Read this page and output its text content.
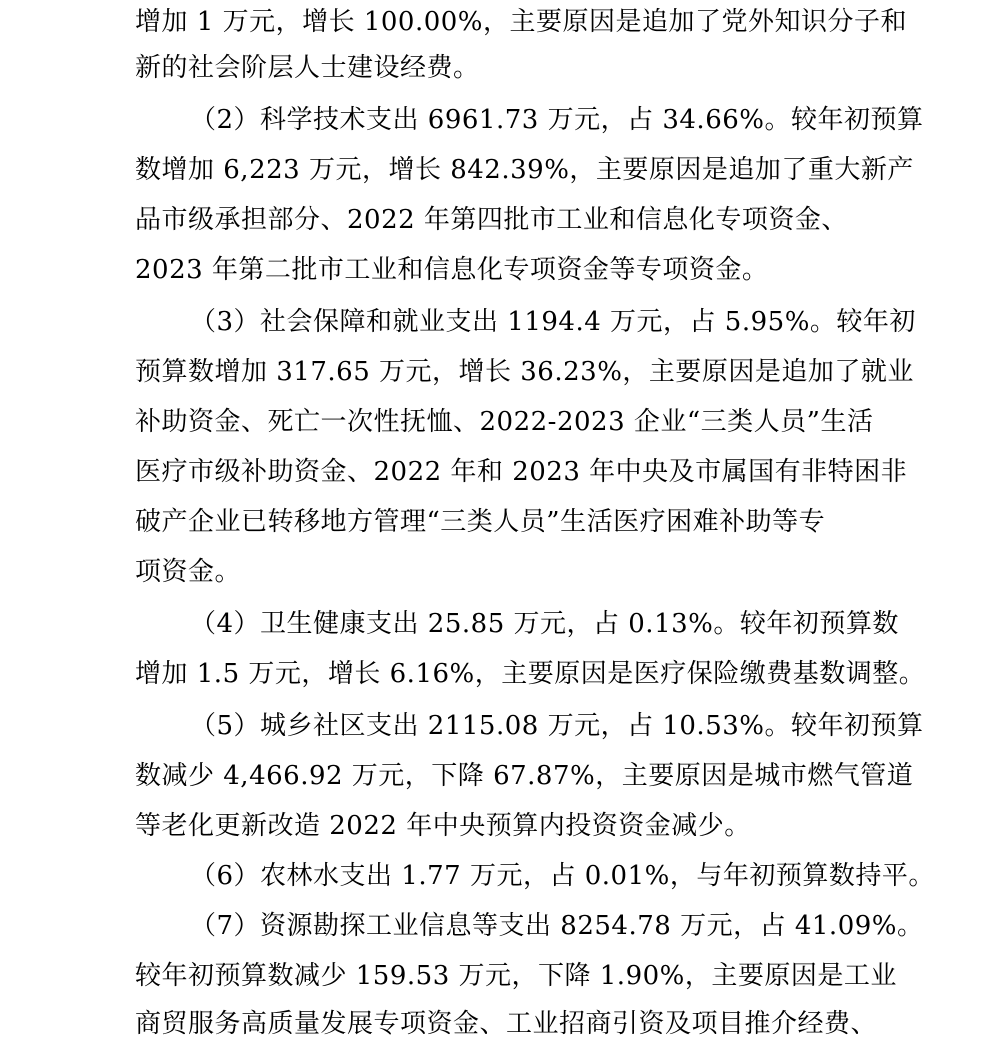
增加 1 万元，增长 100.00%，主要原因是追加了党外知识分子和
新的社会阶层人士建设经费。
（2）科学技术支出 6961.73 万元，占 34.66%。较年初预算
数增加 6,223 万元，增长 842.39%，主要原因是追加了重大新产
品市级承担部分、2022 年第四批市工业和信息化专项资金、
2023 年第二批市工业和信息化专项资金等专项资金。
（3）社会保障和就业支出 1194.4 万元，占 5.95%。较年初
预算数增加 317.65 万元，增长 36.23%，主要原因是追加了就业
补助资金、死亡一次性抚恤、2022-2023 企业“三类人员”生活
医疗市级补助资金、2022 年和 2023 年中央及市属国有非特困非
破产企业已转移地方管理“三类人员”生活医疗困难补助等专
项资金。
（4）卫生健康支出 25.85 万元，占 0.13%。较年初预算数
增加 1.5 万元，增长 6.16%，主要原因是医疗保险缴费基数调整。
（5）城乡社区支出 2115.08 万元，占 10.53%。较年初预算
数减少 4,466.92 万元，下降 67.87%，主要原因是城市燃气管道
等老化更新改造 2022 年中央预算内投资资金减少。
（6）农林水支出 1.77 万元，占 0.01%，与年初预算数持平。
（7）资源勘探工业信息等支出 8254.78 万元，占 41.09%。
较年初预算数减少 159.53 万元，下降 1.90%，主要原因是工业
商贸服务高质量发展专项资金、工业招商引资及项目推介经费、
